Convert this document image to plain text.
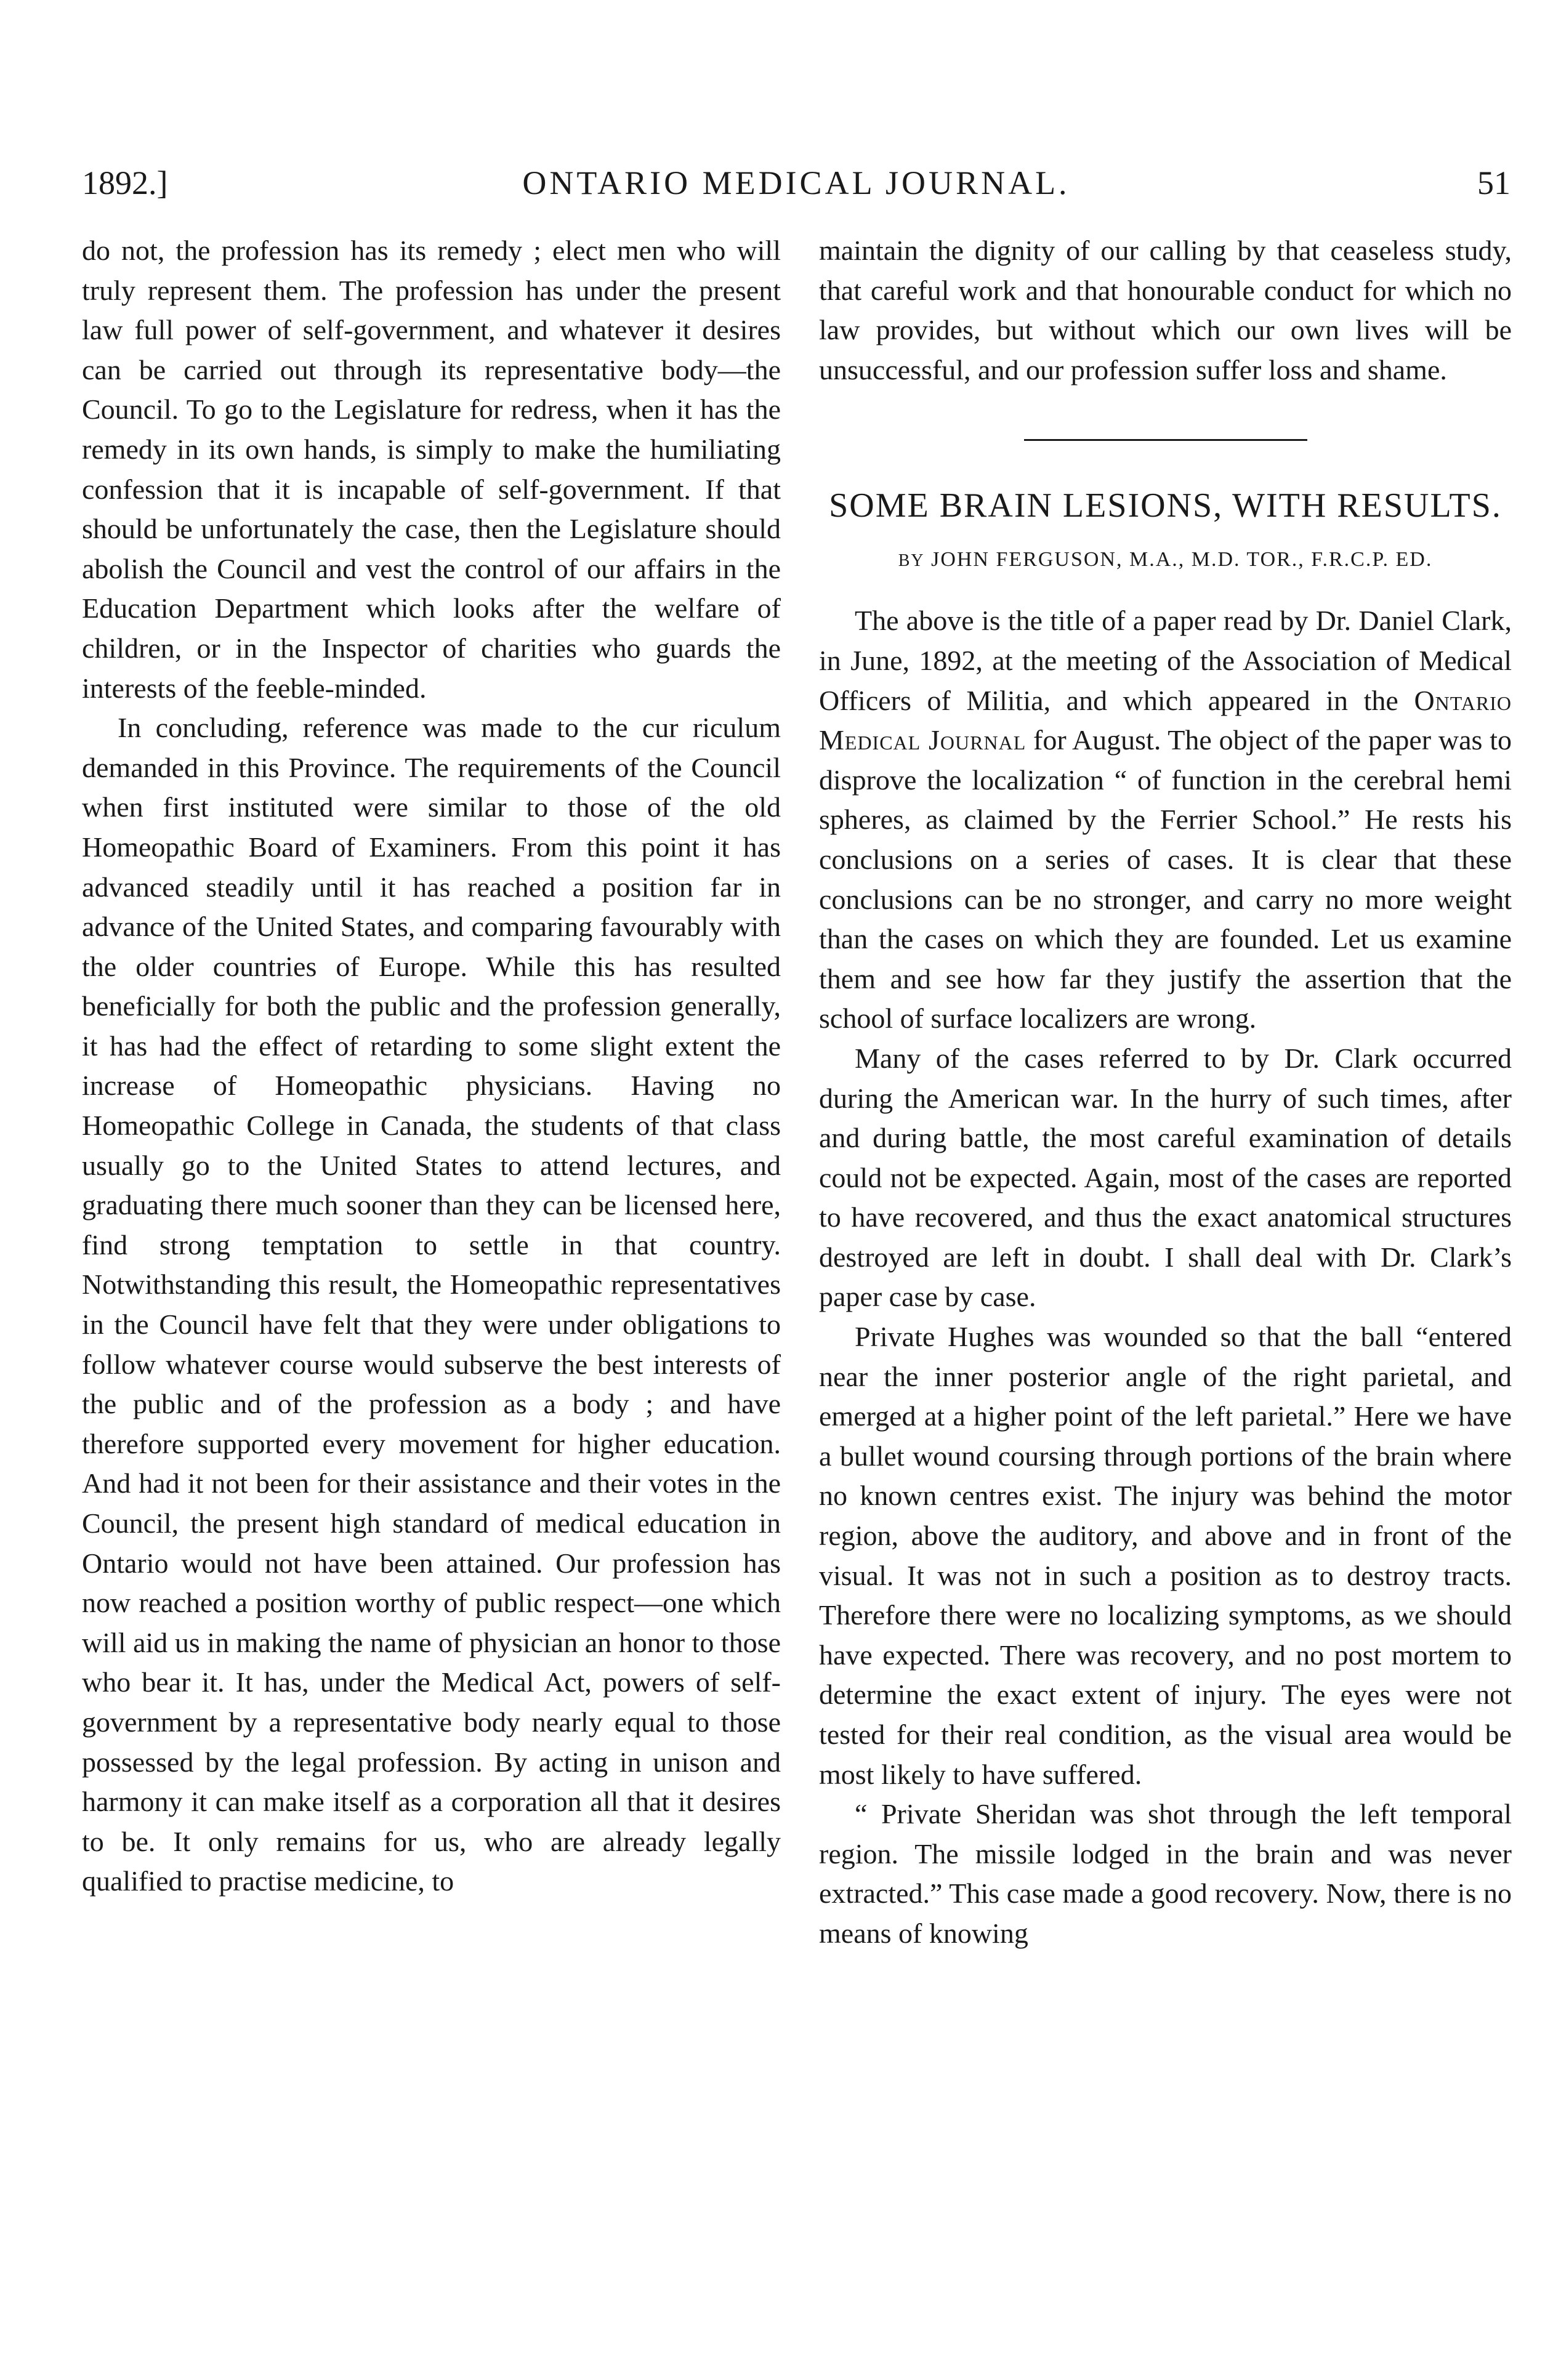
1892.]	ONTARIO MEDICAL JOURNAL.	51

do not, the profession has its remedy ; elect men who will truly represent them. The profession has under the present law full power of self-government, and whatever it desires can be carried out through its representative body—the Council. To go to the Legislature for redress, when it has the remedy in its own hands, is simply to make the humiliating confession that it is incapable of self-government. If that should be unfortunately the case, then the Legislature should abolish the Council and vest the control of our affairs in the Education Department which looks after the welfare of children, or in the Inspector of charities who guards the interests of the feeble-minded.

In concluding, reference was made to the cur riculum demanded in this Province. The requirements of the Council when first instituted were similar to those of the old Homeopathic Board of Examiners. From this point it has advanced steadily until it has reached a position far in advance of the United States, and comparing favourably with the older countries of Europe. While this has resulted beneficially for both the public and the profession generally, it has had the effect of retarding to some slight extent the increase of Homeopathic physicians. Having no Homeopathic College in Canada, the students of that class usually go to the United States to attend lectures, and graduating there much sooner than they can be licensed here, find strong temptation to settle in that country. Notwithstanding this result, the Homeopathic representatives in the Council have felt that they were under obligations to follow whatever course would subserve the best interests of the public and of the profession as a body ; and have therefore supported every movement for higher education. And had it not been for their assistance and their votes in the Council, the present high standard of medical education in Ontario would not have been attained. Our profession has now reached a position worthy of public respect—one which will aid us in making the name of physician an honor to those who bear it. It has, under the Medical Act, powers of self-government by a representative body nearly equal to those possessed by the legal profession. By acting in unison and harmony it can make itself as a corporation all that it desires to be. It only remains for us, who are already legally qualified to practise medicine, to

maintain the dignity of our calling by that ceaseless study, that careful work and that honourable conduct for which no law provides, but without which our own lives will be unsuccessful, and our profession suffer loss and shame.

SOME BRAIN LESIONS, WITH RESULTS.
BY JOHN FERGUSON, M.A., M.D. TOR., F.R.C.P. ED.

The above is the title of a paper read by Dr. Daniel Clark, in June, 1892, at the meeting of the Association of Medical Officers of Militia, and which appeared in the Ontario Medical Journal for August. The object of the paper was to disprove the localization “ of function in the cerebral hemi spheres, as claimed by the Ferrier School.” He rests his conclusions on a series of cases. It is clear that these conclusions can be no stronger, and carry no more weight than the cases on which they are founded. Let us examine them and see how far they justify the assertion that the school of surface localizers are wrong.

Many of the cases referred to by Dr. Clark occurred during the American war. In the hurry of such times, after and during battle, the most careful examination of details could not be expected. Again, most of the cases are reported to have recovered, and thus the exact anatomical structures destroyed are left in doubt. I shall deal with Dr. Clark’s paper case by case.

Private Hughes was wounded so that the ball “entered near the inner posterior angle of the right parietal, and emerged at a higher point of the left parietal.” Here we have a bullet wound coursing through portions of the brain where no known centres exist. The injury was behind the motor region, above the auditory, and above and in front of the visual. It was not in such a position as to destroy tracts. Therefore there were no localizing symptoms, as we should have expected. There was recovery, and no post mortem to determine the exact extent of injury. The eyes were not tested for their real condition, as the visual area would be most likely to have suffered.

“ Private Sheridan was shot through the left temporal region. The missile lodged in the brain and was never extracted.” This case made a good recovery. Now, there is no means of knowing
